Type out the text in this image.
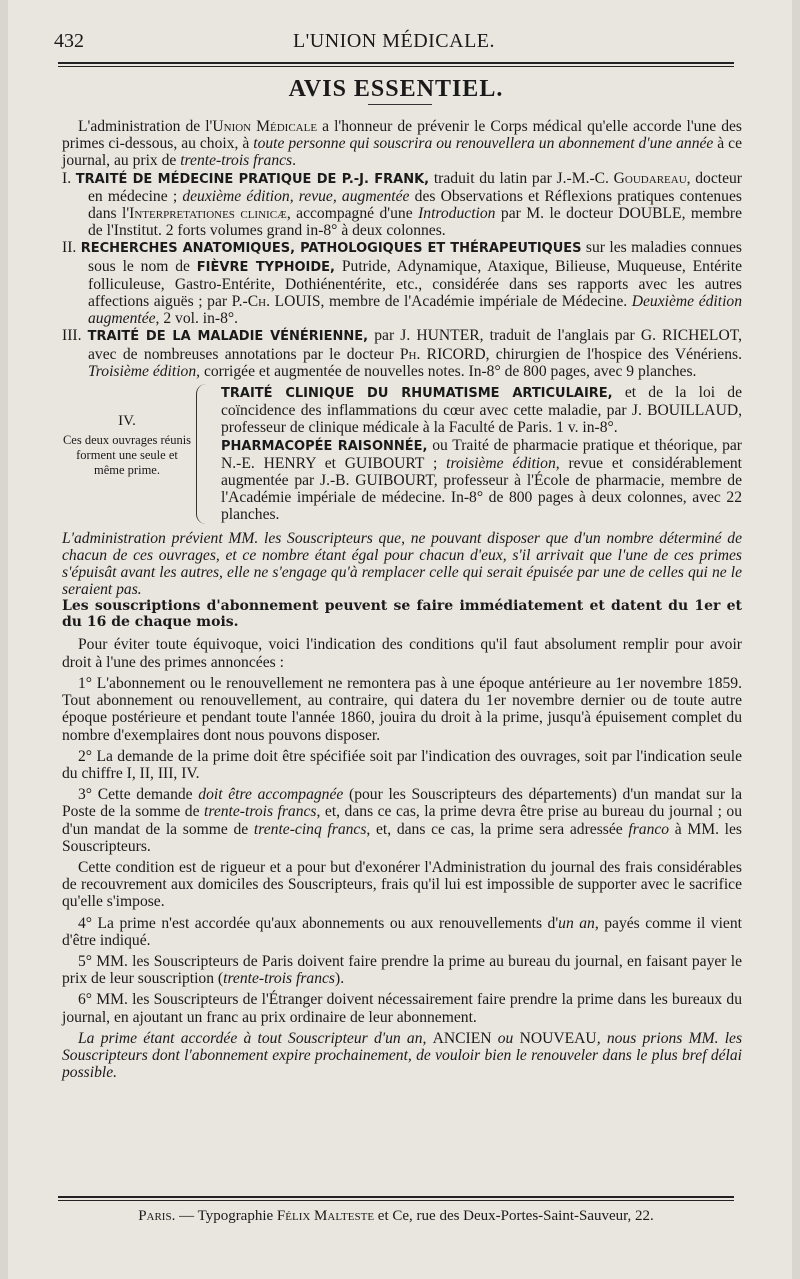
432	L'UNION MÉDICALE.
AVIS ESSENTIEL.

L'administration de l'Union Médicale a l'honneur de prévenir le Corps médical qu'elle accorde l'une des primes ci-dessous, au choix, à toute personne qui souscrira ou renouvellera un abonnement d'une année à ce journal, au prix de trente-trois francs.

I. TRAITÉ DE MÉDECINE PRATIQUE DE P.-J. FRANK, traduit du latin par J.-M.-C. Goudareau, docteur en médecine ; deuxième édition, revue, augmentée des Observations et Réflexions pratiques contenues dans l'Interpretationes clinicæ, accompagné d'une Introduction par M. le docteur DOUBLE, membre de l'Institut. 2 forts volumes grand in-8° à deux colonnes.

II. RECHERCHES ANATOMIQUES, PATHOLOGIQUES ET THÉRAPEUTIQUES sur les maladies connues sous le nom de FIÈVRE TYPHOIDE, Putride, Adynamique, Ataxique, Bilieuse, Muqueuse, Entérite folliculeuse, Gastro-Entérite, Dothiénentérite, etc., considérée dans ses rapports avec les autres affections aiguës ; par P.-Ch. LOUIS, membre de l'Académie impériale de Médecine. Deuxième édition augmentée, 2 vol. in-8°.

III. TRAITÉ DE LA MALADIE VÉNÉRIENNE, par J. HUNTER, traduit de l'anglais par G. RICHELOT, avec de nombreuses annotations par le docteur Ph. RICORD, chirurgien de l'hospice des Vénériens. Troisième édition, corrigée et augmentée de nouvelles notes. In-8° de 800 pages, avec 9 planches.

IV.
Ces deux ouvrages réunis forment une seule et même prime.

TRAITÉ CLINIQUE DU RHUMATISME ARTICULAIRE, et de la loi de coïncidence des inflammations du cœur avec cette maladie, par J. BOUILLAUD, professeur de clinique médicale à la Faculté de Paris. 1 v. in-8°.

PHARMACOPÉE RAISONNÉE, ou Traité de pharmacie pratique et théorique, par N.-E. HENRY et GUIBOURT ; troisième édition, revue et considérablement augmentée par J.-B. GUIBOURT, professeur à l'École de pharmacie, membre de l'Académie impériale de médecine. In-8° de 800 pages à deux colonnes, avec 22 planches.

L'administration prévient MM. les Souscripteurs que, ne pouvant disposer que d'un nombre déterminé de chacun de ces ouvrages, et ce nombre étant égal pour chacun d'eux, s'il arrivait que l'une de ces primes s'épuisât avant les autres, elle ne s'engage qu'à remplacer celle qui serait épuisée par une de celles qui ne le seraient pas.

Les souscriptions d'abonnement peuvent se faire immédiatement et datent du 1er et du 16 de chaque mois.

Pour éviter toute équivoque, voici l'indication des conditions qu'il faut absolument remplir pour avoir droit à l'une des primes annoncées :

1° L'abonnement ou le renouvellement ne remontera pas à une époque antérieure au 1er novembre 1859. Tout abonnement ou renouvellement, au contraire, qui datera du 1er novembre dernier ou de toute autre époque postérieure et pendant toute l'année 1860, jouira du droit à la prime, jusqu'à épuisement complet du nombre d'exemplaires dont nous pouvons disposer.

2° La demande de la prime doit être spécifiée soit par l'indication des ouvrages, soit par l'indication seule du chiffre I, II, III, IV.

3° Cette demande doit être accompagnée (pour les Souscripteurs des départements) d'un mandat sur la Poste de la somme de trente-trois francs, et, dans ce cas, la prime devra être prise au bureau du journal ; ou d'un mandat de la somme de trente-cinq francs, et, dans ce cas, la prime sera adressée franco à MM. les Souscripteurs.

Cette condition est de rigueur et a pour but d'exonérer l'Administration du journal des frais considérables de recouvrement aux domiciles des Souscripteurs, frais qu'il lui est impossible de supporter avec le sacrifice qu'elle s'impose.

4° La prime n'est accordée qu'aux abonnements ou aux renouvellements d'un an, payés comme il vient d'être indiqué.

5° MM. les Souscripteurs de Paris doivent faire prendre la prime au bureau du journal, en faisant payer le prix de leur souscription (trente-trois francs).

6° MM. les Souscripteurs de l'Étranger doivent nécessairement faire prendre la prime dans les bureaux du journal, en ajoutant un franc au prix ordinaire de leur abonnement.

La prime étant accordée à tout Souscripteur d'un an, ANCIEN ou NOUVEAU, nous prions MM. les Souscripteurs dont l'abonnement expire prochainement, de vouloir bien le renouveler dans le plus bref délai possible.

Paris. — Typographie Félix Malteste et Ce, rue des Deux-Portes-Saint-Sauveur, 22.
